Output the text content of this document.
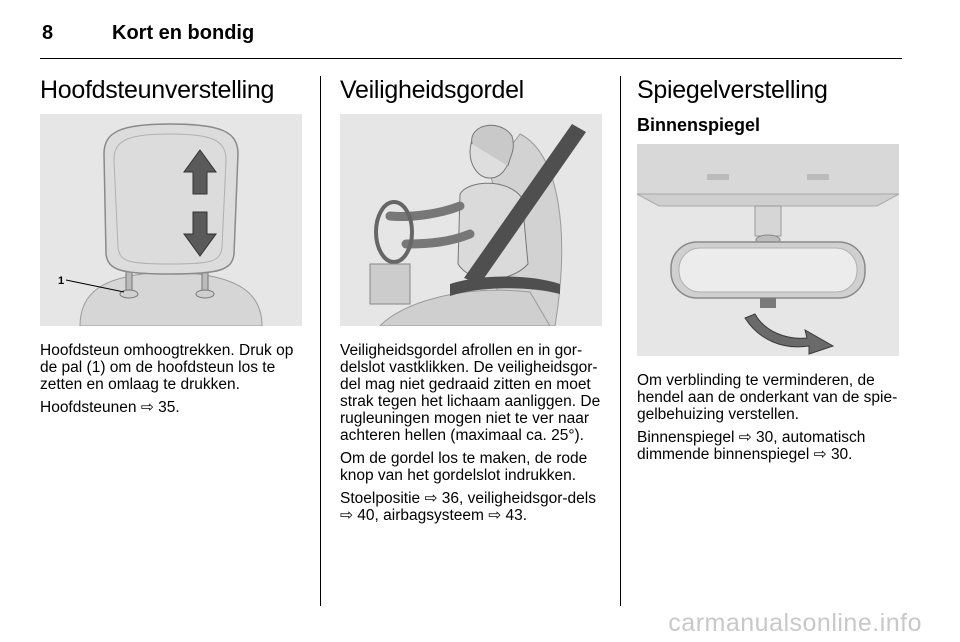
8	Kort en bondig
Hoofdsteunverstelling
1

Hoofdsteun omhoogtrekken. Druk op de pal (1) om de hoofdsteun los te zetten en omlaag te drukken.

Hoofdsteunen ⇨ 35.

Veiligheidsgordel

Veiligheidsgordel afrollen en in gor-delslot vastklikken. De veiligheidsgor-del mag niet gedraaid zitten en moet strak tegen het lichaam aanliggen. De rugleuningen mogen niet te ver naar achteren hellen (maximaal ca. 25°).

Om de gordel los te maken, de rode knop van het gordelslot indrukken.

Stoelpositie ⇨ 36, veiligheidsgor-dels ⇨ 40, airbagsysteem ⇨ 43.

Spiegelverstelling
Binnenspiegel

Om verblinding te verminderen, de hendel aan de onderkant van de spie-gelbehuizing verstellen.

Binnenspiegel ⇨ 30, automatisch dimmende binnenspiegel ⇨ 30.

carmanualsonline.info
